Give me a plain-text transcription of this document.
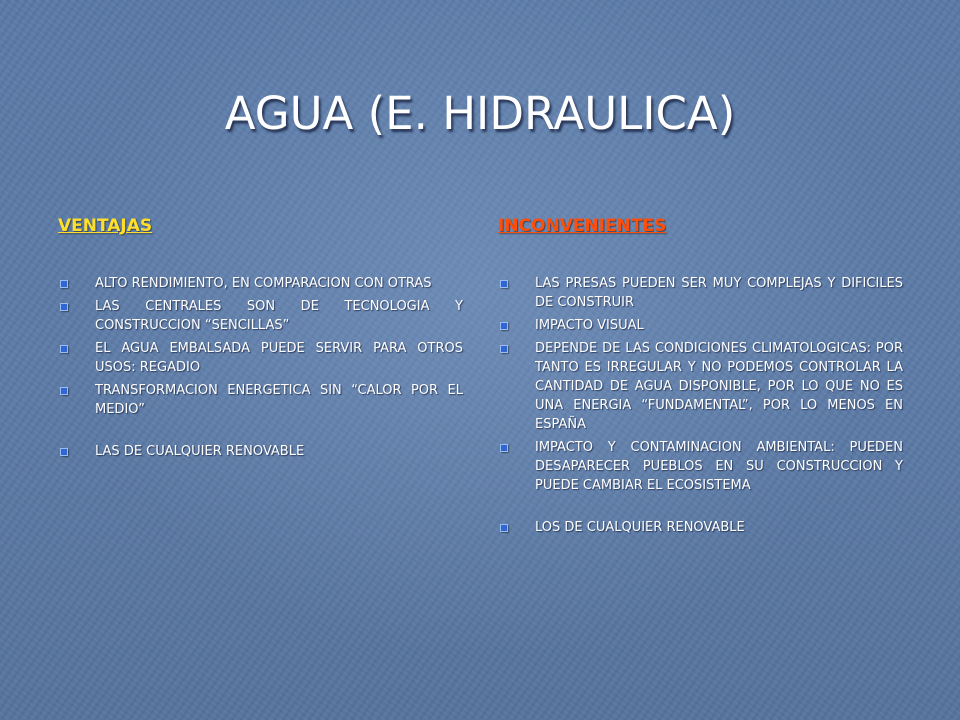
AGUA (E. HIDRAULICA)
VENTAJAS
ALTO RENDIMIENTO, EN COMPARACION CON OTRAS
LAS CENTRALES SON DE TECNOLOGIA Y CONSTRUCCION “SENCILLAS”
EL AGUA EMBALSADA PUEDE SERVIR PARA OTROS USOS: REGADIO
TRANSFORMACION ENERGETICA SIN “CALOR POR EL MEDIO”
LAS DE CUALQUIER RENOVABLE
INCONVENIENTES
LAS PRESAS PUEDEN SER MUY COMPLEJAS Y DIFICILES DE CONSTRUIR
IMPACTO VISUAL
DEPENDE DE LAS CONDICIONES CLIMATOLOGICAS: POR TANTO ES IRREGULAR Y NO PODEMOS CONTROLAR LA CANTIDAD DE AGUA DISPONIBLE, POR LO QUE NO ES UNA ENERGIA “FUNDAMENTAL”, POR LO MENOS EN ESPAÑA
IMPACTO Y CONTAMINACION AMBIENTAL: PUEDEN DESAPARECER PUEBLOS EN SU CONSTRUCCION Y PUEDE CAMBIAR EL ECOSISTEMA
LOS DE CUALQUIER RENOVABLE
